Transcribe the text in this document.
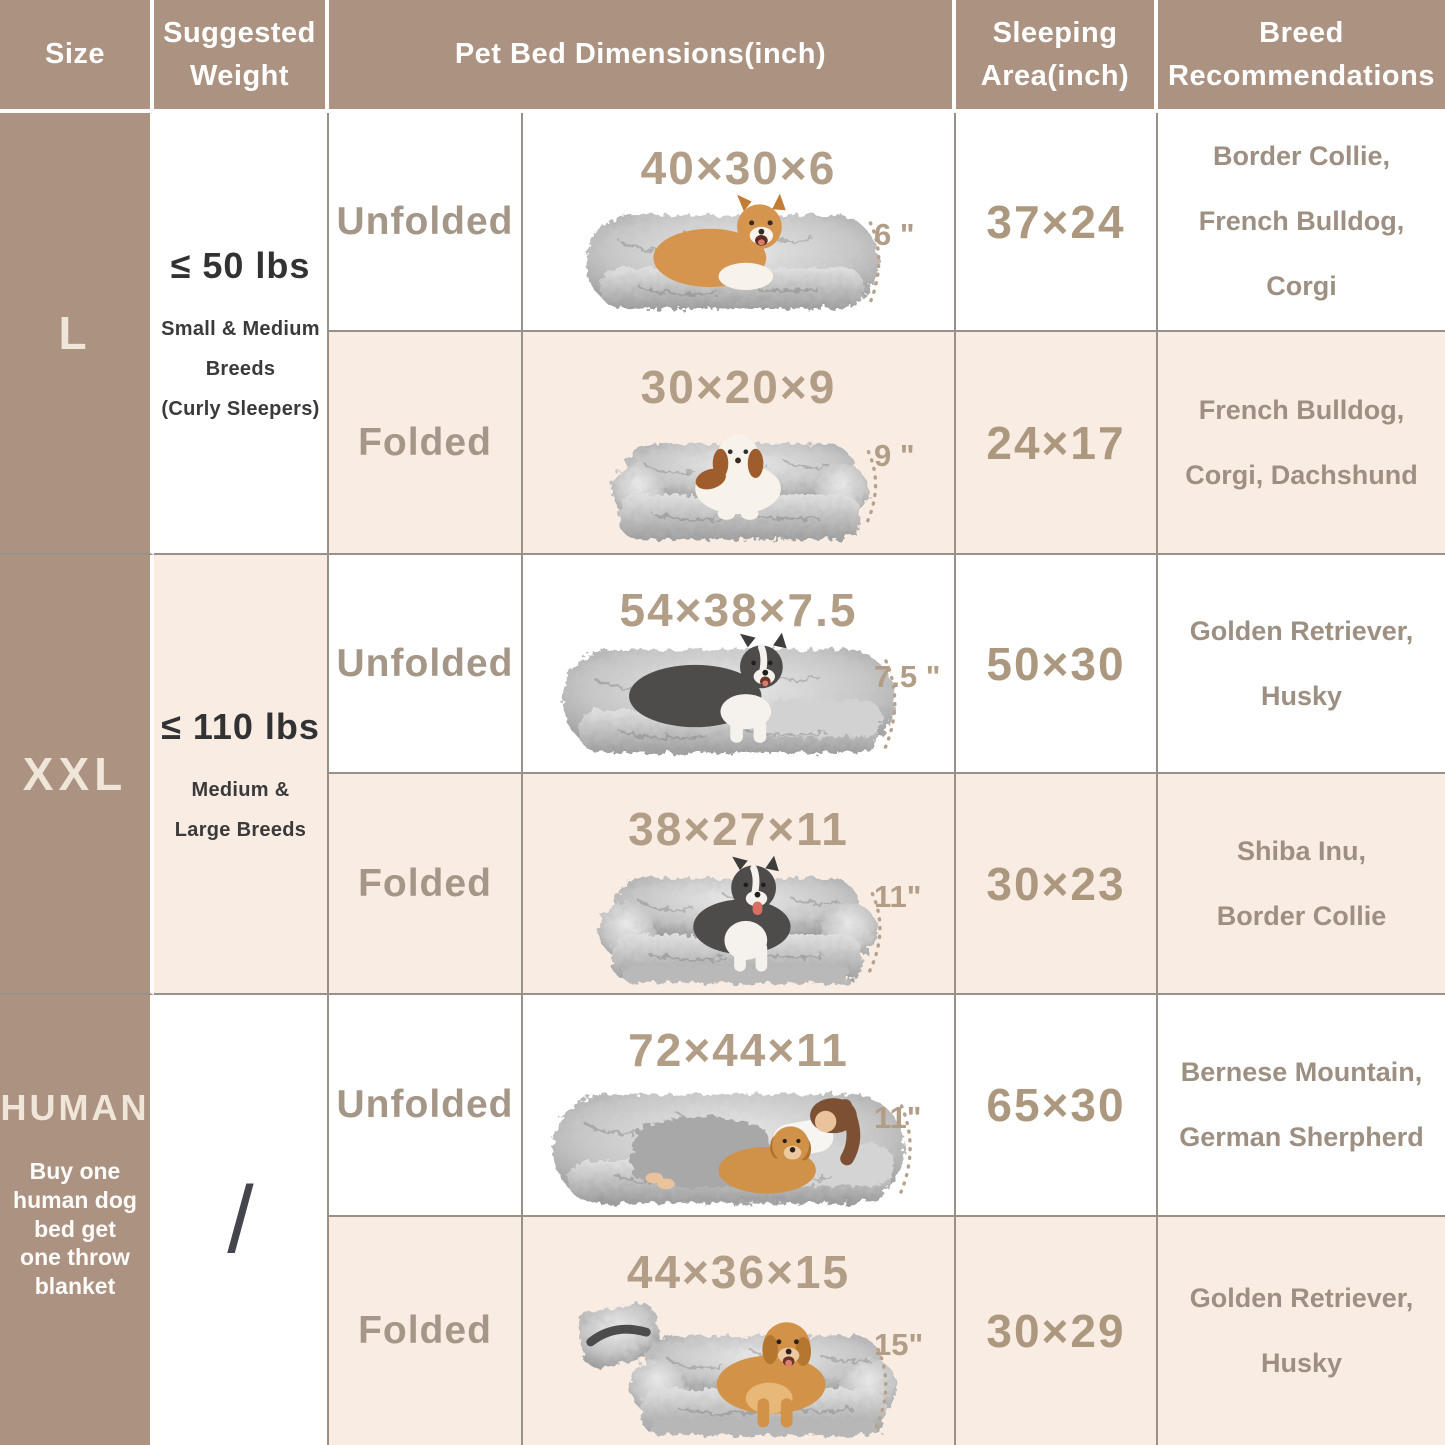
Size
Suggested Weight
Pet Bed Dimensions(inch)
Sleeping Area(inch)
Breed Recommendations
L
XXL
HUMAN
Buy one human dog bed get one throw blanket
≤ 50 lbs
Small & Medium
Breeds
(Curly Sleepers)
≤ 110 lbs
Medium &
Large Breeds
/
Unfolded
Folded
Unfolded
Folded
Unfolded
Folded
40×30×6
6 "
30×20×9
9 "
54×38×7.5
7.5 "
38×27×11
11"
72×44×11
11"
44×36×15
15"
37×24
24×17
50×30
30×23
65×30
30×29
Border Collie,
French Bulldog,
Corgi
French Bulldog,
Corgi, Dachshund
Golden Retriever,
Husky
Shiba Inu,
Border Collie
Bernese Mountain,
German Sherpherd
Golden Retriever,
Husky
